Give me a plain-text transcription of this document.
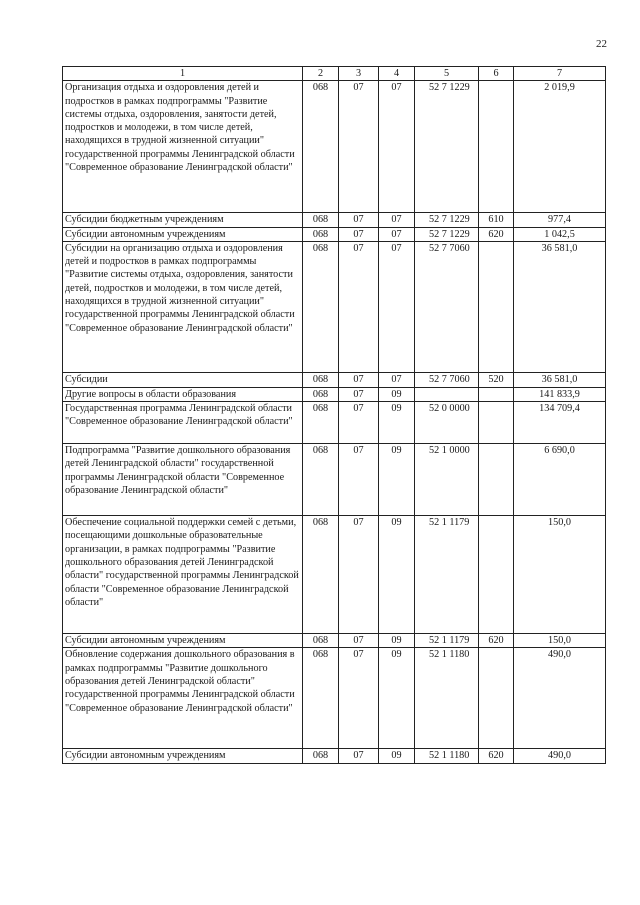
22
1	2	3	4	5	6	7
Организация отдыха и оздоровления детей и подростков в рамках подпрограммы "Развитие системы отдыха, оздоровления, занятости детей, подростков и молодежи, в том числе детей, находящихся в трудной жизненной ситуации" государственной программы Ленинградской области "Современное образование Ленинградской области"	068	07	07	52 7 1229		2 019,9
Субсидии бюджетным учреждениям	068	07	07	52 7 1229	610	977,4
Субсидии автономным учреждениям	068	07	07	52 7 1229	620	1 042,5
Субсидии на организацию отдыха и оздоровления детей и подростков в рамках подпрограммы "Развитие системы отдыха, оздоровления, занятости детей, подростков и молодежи, в том числе детей, находящихся в трудной жизненной ситуации" государственной программы Ленинградской области "Современное образование Ленинградской области"	068	07	07	52 7 7060		36 581,0
Субсидии	068	07	07	52 7 7060	520	36 581,0
Другие вопросы в области образования	068	07	09			141 833,9
Государственная программа Ленинградской области "Современное образование Ленинградской области"	068	07	09	52 0 0000		134 709,4
Подпрограмма "Развитие дошкольного образования детей Ленинградской области" государственной программы Ленинградской области "Современное образование Ленинградской области"	068	07	09	52 1 0000		6 690,0
Обеспечение социальной поддержки семей с детьми, посещающими дошкольные образовательные организации, в рамках подпрограммы "Развитие дошкольного образования детей Ленинградской области" государственной программы Ленинградской области "Современное образование Ленинградской области"	068	07	09	52 1 1179		150,0
Субсидии автономным учреждениям	068	07	09	52 1 1179	620	150,0
Обновление содержания дошкольного образования в рамках подпрограммы "Развитие дошкольного образования детей Ленинградской области" государственной программы Ленинградской области "Современное образование Ленинградской области"	068	07	09	52 1 1180		490,0
Субсидии автономным учреждениям	068	07	09	52 1 1180	620	490,0
